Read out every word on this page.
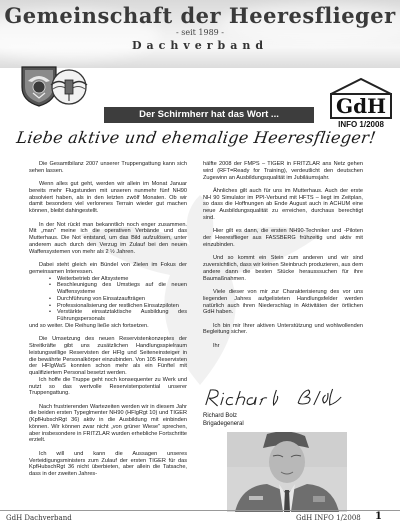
Gemeinschaft der Heeresflieger
- seit 1989 -
Dachverband
Der Schirmherr hat das Wort ...	GdH
INFO 1/2008
Liebe aktive und ehemalige Heeresflieger!

Die Gesamtbilanz 2007 unserer Truppengattung kann sich sehen lassen.

Wenn alles gut geht, werden wir allein im Monat Januar bereits mehr Flugstunden mit unseren nunmehr fünf NH90 absolviert haben, als in den letzten zwölf Monaten. Ob wir damit besonders viel verlorenes Terrain wieder gut machen können, bleibt dahingestellt.

In der Not rückt man bekanntlich noch enger zusammen. Mit „man" meine ich die operativen Verbände und das Mutterhaus. Die Not entstand, um das Bild aufzulösen, unter anderem auch durch den Verzug im Zulauf bei den neuen Waffensystemen von mehr als 2 ½ Jahren.

Dabei steht gleich ein Bündel von Zielen im Fokus der gemeinsamen Interessen.

• Weiterbetrieb der Altsysteme
• Beschleunigung des Umstiegs auf die neuen Waffensysteme
• Durchführung von Einsatzaufträgen
• Professionalisierung der restlichen Einsatzpiloten
• Verstärkte einsatztaktische Ausbildung des Führungspersonals

und so weiter. Die Reihung ließe sich fortsetzen.

Die Umsetzung des neuen Reservistenkonzeptes der Streitkräfte gibt uns zusätzlichen Handlungsspielraum leistungswillige Reservisten der HFlg und Seiteneinsteiger in die bewährte Personalkörper einzubinden. Von 105 Reservisten der HFlgWaS konnten schon mehr als ein Fünftel mit qualifiziertem Personal besetzt werden.

Ich hoffe die Truppe geht noch konsequenter zu Werk und nutzt so das wertvolle Reservistenpotential unserer Truppengattung.

Nach frustrierenden Wartezeiten werden wir in diesem Jahr die beiden ersten Typeglmenter NH90 (HFlgRgt 10) und TIGER (KpfHubschRgt 36) aktiv in die Ausbildung mit einbinden können. Wir können zwar nicht „von grüner Wiese" sprechen, aber insbesondere in FRITZLAR wurden erhebliche Fortschritte erzielt.

Ich will und kann die Aussagen unseres Verteidigungsministers zum Zulauf der ersten TIGER für das KpfHubschRgt 36 nicht überbieten, aber allein die Tatsache, dass in der zweiten Jahres-

hälfte 2008 der FMPS – TIGER in FRITZLAR ans Netz gehen wird (RFT=Ready for Training), verdeutlicht den deutschen Zugewinn an Ausbildungsqualität im Jubiläumsjahr.

Ähnliches gilt auch für uns im Mutterhaus. Auch der erste NH 90 Simulator im PPI-Verbund mit HFTS – liegt im Zeitplan, so dass die Hoffnungen ab Ende August auch in ACHUM eine neue Ausbildungsqualität zu erreichen, durchaus berechtigt sind.

Hier gilt es dann, die ersten NH90-Techniker und -Piloten der Heeresflieger aus FASSBERG frühzeitig und aktiv mit einzubinden.

Und so kommt ein Stein zum anderen und wir sind zuversichtlich, dass wir keinen Steinbruch produzieren, aus dem andere dann die besten Stücke herausssuchen für ihre Baumaßnahmen.

Viele dieser von mir zur Charakterisierung des vor uns liegenden Jahres aufgelisteten Handlungsfelder werden natürlich auch ihren Niederschlag in Aktivitäten der örtlichen GdH haben.

Ich bin mir Ihrer aktiven Unterstützung und wohlwollenden Begleitung sicher.

Ihr

Richard Bolz
Brigadegeneral
GdH Dachverband	GdH INFO 1/2008 1
